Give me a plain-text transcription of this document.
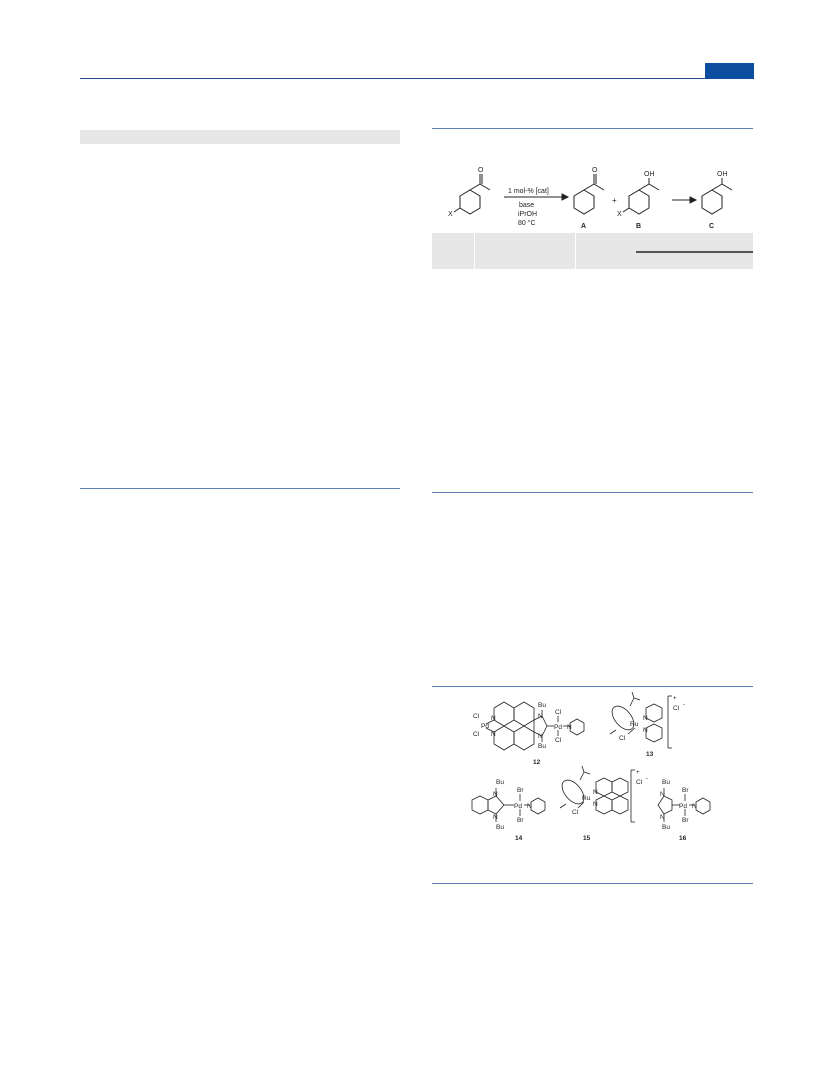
O
X
1 mol-% [cat]
base
iPrOH
80 °C
O
A
+
OH
X
B
OH
C
Cl
Cl
Pd
N
N
N
N
Bu
Bu
Pd
Cl
Cl
N
12
Ru
Cl
N
N
+
Cl -
13
Bu
N
N
Bu
Pd
Br
Br
N
14
Ru
Cl
N
N
+
Cl -
15
Bu
N
N
Bu
Pd
Br
Br
N
16
